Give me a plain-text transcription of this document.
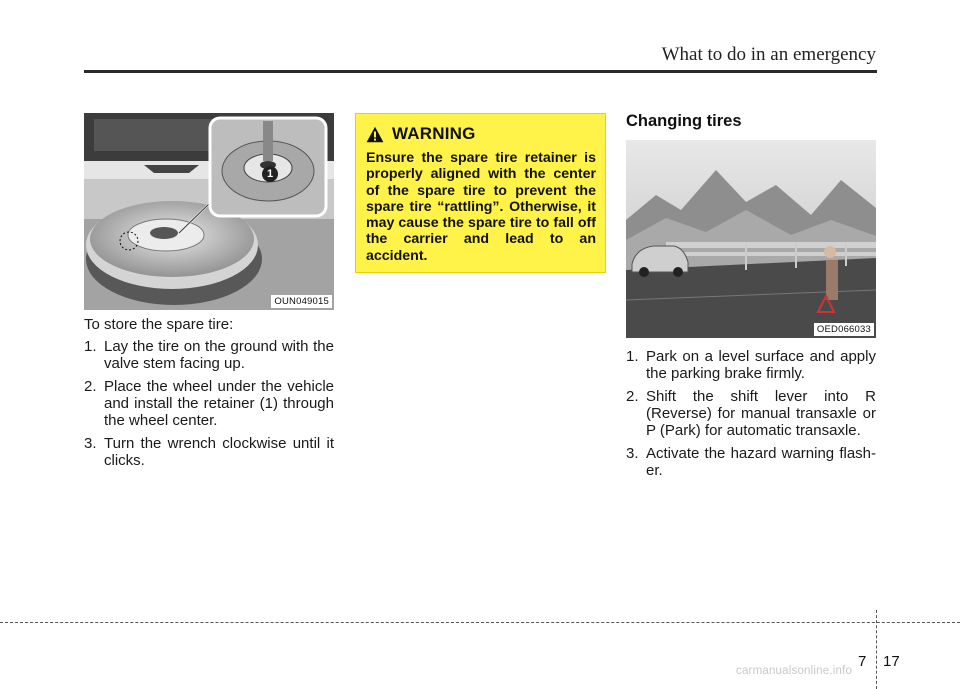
What to do in an emergency
1
OUN049015

To store the spare tire:

1. Lay the tire on the ground with the valve stem facing up.
2. Place the wheel under the vehicle and install the retainer (1) through the wheel center.
3. Turn the wrench clockwise until it clicks.
WARNING

Ensure the spare tire retainer is properly aligned with the center of the spare tire to prevent the spare tire “rattling”. Otherwise, it may cause the spare tire to fall off the carrier and lead to an accident.

Changing tires
OED066033
1. Park on a level surface and apply the parking brake firmly.
2. Shift the shift lever into R (Reverse) for manual transaxle or P (Park) for automatic transaxle.
3. Activate the hazard warning flash-er.
7 17
carmanualsonline.info
